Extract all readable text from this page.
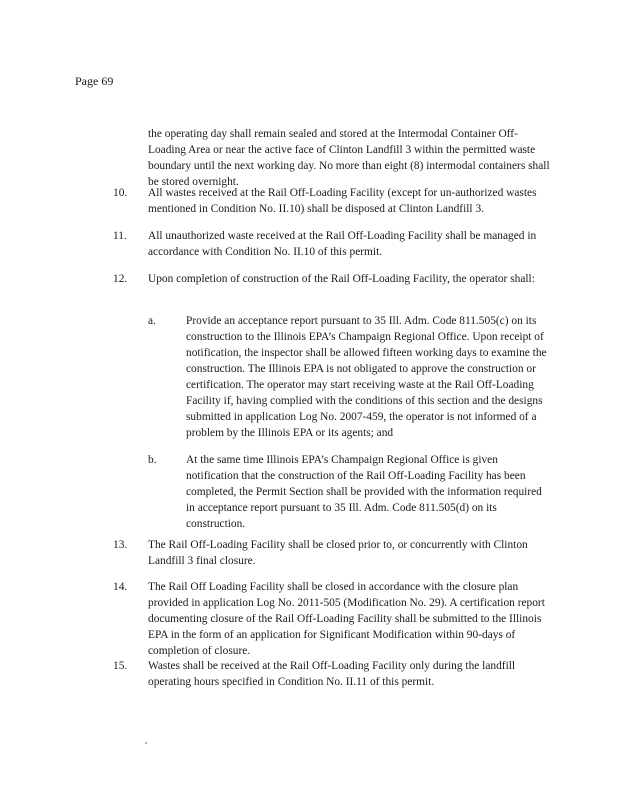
Page 69

the operating day shall remain sealed and stored at the Intermodal Container Off-Loading Area or near the active face of Clinton Landfill 3 within the permitted waste boundary until the next working day. No more than eight (8) intermodal containers shall be stored overnight.

10. All wastes received at the Rail Off-Loading Facility (except for un-authorized wastes mentioned in Condition No. II.10) shall be disposed at Clinton Landfill 3.

11. All unauthorized waste received at the Rail Off-Loading Facility shall be managed in accordance with Condition No. II.10 of this permit.

12. Upon completion of construction of the Rail Off-Loading Facility, the operator shall:

a.	Provide an acceptance report pursuant to 35 Ill. Adm. Code 811.505(c) on its construction to the Illinois EPA’s Champaign Regional Office. Upon receipt of notification, the inspector shall be allowed fifteen working days to examine the construction. The Illinois EPA is not obligated to approve the construction or certification. The operator may start receiving waste at the Rail Off-Loading Facility if, having complied with the conditions of this section and the designs submitted in application Log No. 2007-459, the operator is not informed of a problem by the Illinois EPA or its agents; and

b.	At the same time Illinois EPA’s Champaign Regional Office is given notification that the construction of the Rail Off-Loading Facility has been completed, the Permit Section shall be provided with the information required in acceptance report pursuant to 35 Ill. Adm. Code 811.505(d) on its construction.

13. The Rail Off-Loading Facility shall be closed prior to, or concurrently with Clinton Landfill 3 final closure.

14. The Rail Off Loading Facility shall be closed in accordance with the closure plan provided in application Log No. 2011-505 (Modification No. 29). A certification report documenting closure of the Rail Off-Loading Facility shall be submitted to the Illinois EPA in the form of an application for Significant Modification within 90-days of completion of closure.

15. Wastes shall be received at the Rail Off-Loading Facility only during the landfill operating hours specified in Condition No. II.11 of this permit.
